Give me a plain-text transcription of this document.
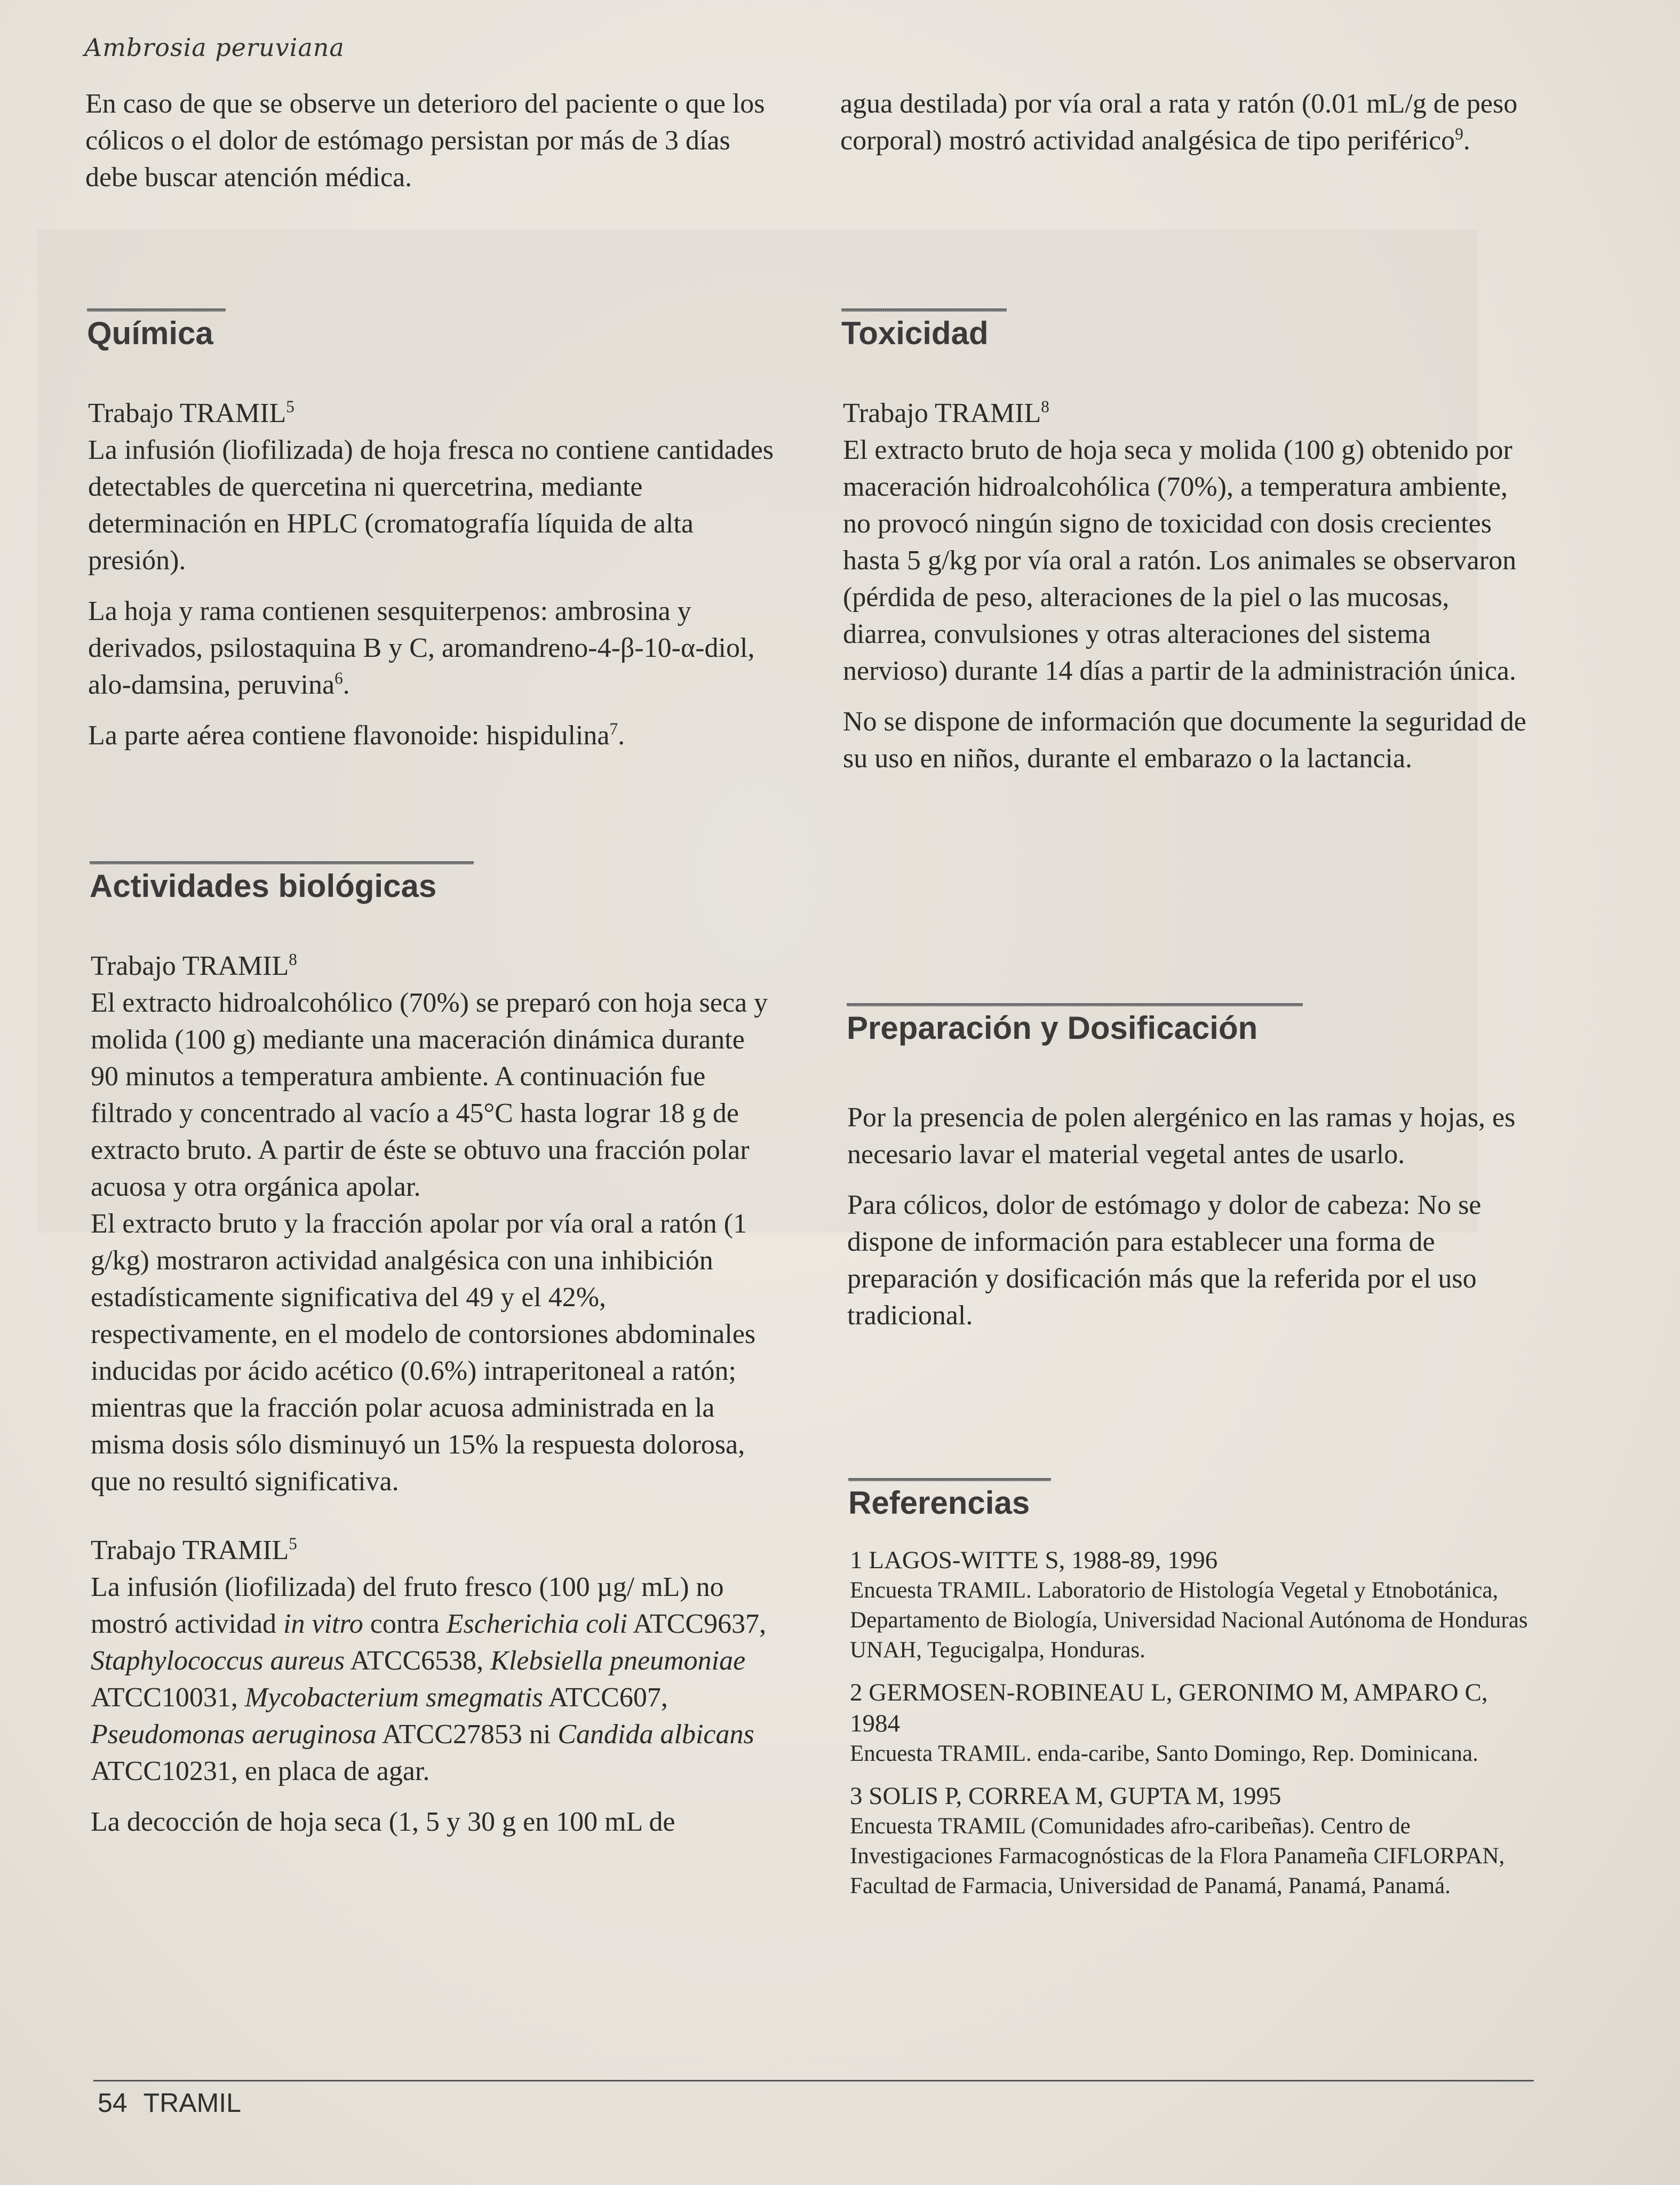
Ambrosia peruviana

En caso de que se observe un deterioro del paciente o que los cólicos o el dolor de estómago persistan por más de 3 días debe buscar atención médica.

Química

Trabajo TRAMIL$^5$

La infusión (liofilizada) de hoja fresca no contiene cantidades detectables de quercetina ni quercetrina, mediante determinación en HPLC (cromatografía líquida de alta presión).

La hoja y rama contienen sesquiterpenos: ambrosina y derivados, psilostaquina B y C, aromandreno-4-β-10-α-diol, alo-damsina, peruvina$^6$.

La parte aérea contiene flavonoide: hispidulina$^7$.

Actividades biológicas

Trabajo TRAMIL$^8$

El extracto hidroalcohólico (70%) se preparó con hoja seca y molida (100 g) mediante una maceración dinámica durante 90 minutos a temperatura ambiente. A continuación fue filtrado y concentrado al vacío a 45°C hasta lograr 18 g de extracto bruto. A partir de éste se obtuvo una fracción polar acuosa y otra orgánica apolar.

El extracto bruto y la fracción apolar por vía oral a ratón (1 g/kg) mostraron actividad analgésica con una inhibición estadísticamente significativa del 49 y el 42%, respectivamente, en el modelo de contorsiones abdominales inducidas por ácido acético (0.6%) intraperitoneal a ratón; mientras que la fracción polar acuosa administrada en la misma dosis sólo disminuyó un 15% la respuesta dolorosa, que no resultó significativa.

Trabajo TRAMIL$^5$

La infusión (liofilizada) del fruto fresco (100 µg/ mL) no mostró actividad in vitro contra Escherichia coli ATCC9637, Staphylococcus aureus ATCC6538, Klebsiella pneumoniae ATCC10031, Mycobacterium smegmatis ATCC607, Pseudomonas aeruginosa ATCC27853 ni Candida albicans ATCC10231, en placa de agar.

La decocción de hoja seca (1, 5 y 30 g en 100 mL de

agua destilada) por vía oral a rata y ratón (0.01 mL/g de peso corporal) mostró actividad analgésica de tipo periférico$^9$.

Toxicidad

Trabajo TRAMIL$^8$

El extracto bruto de hoja seca y molida (100 g) obtenido por maceración hidroalcohólica (70%), a temperatura ambiente, no provocó ningún signo de toxicidad con dosis crecientes hasta 5 g/kg por vía oral a ratón. Los animales se observaron (pérdida de peso, alteraciones de la piel o las mucosas, diarrea, convulsiones y otras alteraciones del sistema nervioso) durante 14 días a partir de la administración única.

No se dispone de información que documente la seguridad de su uso en niños, durante el embarazo o la lactancia.

Preparación y Dosificación

Por la presencia de polen alergénico en las ramas y hojas, es necesario lavar el material vegetal antes de usarlo.

Para cólicos, dolor de estómago y dolor de cabeza: No se dispone de información para establecer una forma de preparación y dosificación más que la referida por el uso tradicional.

Referencias
1 LAGOS-WITTE S, 1988-89, 1996
Encuesta TRAMIL. Laboratorio de Histología Vegetal y Etnobotánica, Departamento de Biología, Universidad Nacional Autónoma de Honduras UNAH, Tegucigalpa, Honduras.
2 GERMOSEN-ROBINEAU L, GERONIMO M, AMPARO C, 1984
Encuesta TRAMIL. enda-caribe, Santo Domingo, Rep. Dominicana.
3 SOLIS P, CORREA M, GUPTA M, 1995
Encuesta TRAMIL (Comunidades afro-caribeñas). Centro de Investigaciones Farmacognósticas de la Flora Panameña CIFLORPAN, Facultad de Farmacia, Universidad de Panamá, Panamá, Panamá.
54 TRAMIL
